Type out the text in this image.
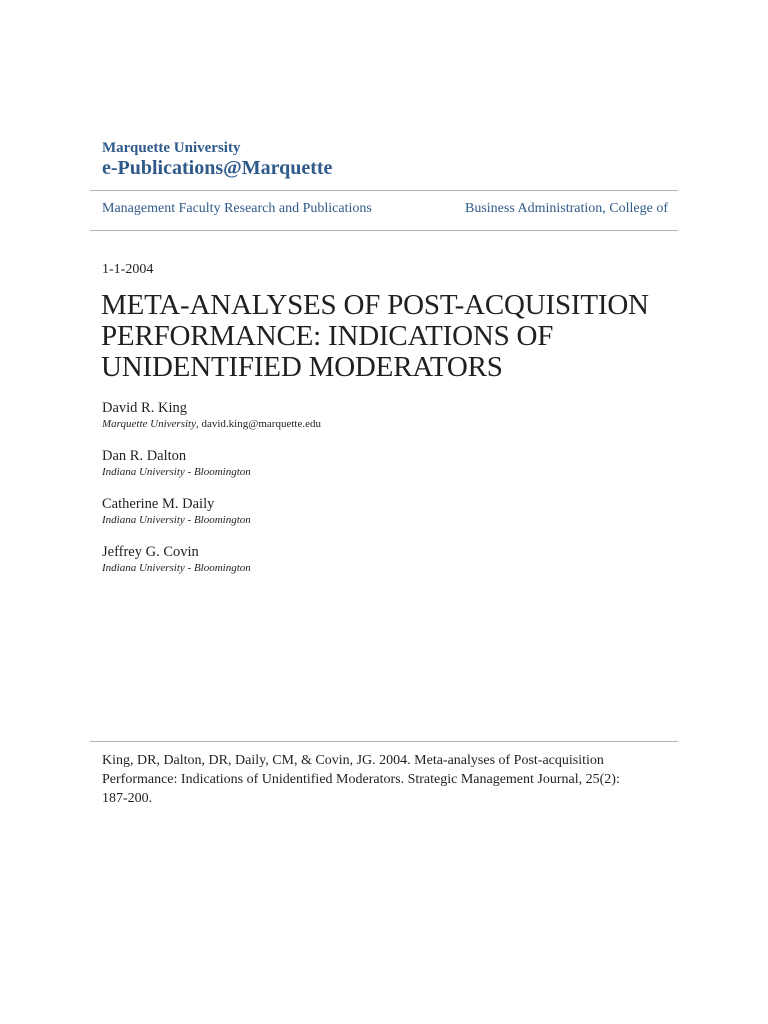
Marquette University
e-Publications@Marquette
Management Faculty Research and Publications	Business Administration, College of
1-1-2004
META-ANALYSES OF POST-ACQUISITION
PERFORMANCE: INDICATIONS OF
UNIDENTIFIED MODERATORS
David R. King
Marquette University, david.king@marquette.edu
Dan R. Dalton
Indiana University - Bloomington
Catherine M. Daily
Indiana University - Bloomington
Jeffrey G. Covin
Indiana University - Bloomington
King, DR, Dalton, DR, Daily, CM, & Covin, JG. 2004. Meta-analyses of Post-acquisition Performance: Indications of Unidentified Moderators. Strategic Management Journal, 25(2): 187-200.
